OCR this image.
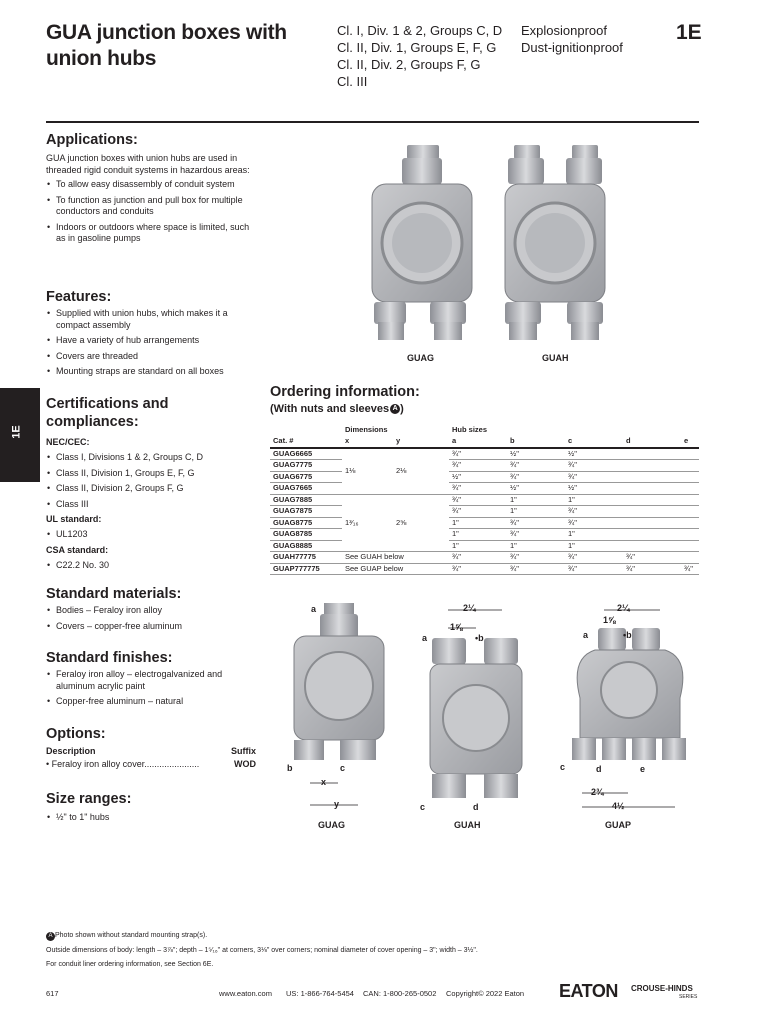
GUA junction boxes with
union hubs
Cl. I, Div. 1 & 2, Groups C, D
Cl. II, Div. 1, Groups E, F, G
Cl. II, Div. 2, Groups F, G
Cl. III
Explosionproof
Dust-ignitionproof
1E
1E
Applications:
GUA junction boxes with union hubs are used in threaded rigid conduit systems in hazardous areas:
• To allow easy disassembly of conduit system
• To function as junction and pull box for multiple conductors and conduits
• Indoors or outdoors where space is limited, such as in gasoline pumps
Features:
• Supplied with union hubs, which makes it a compact assembly
• Have a variety of hub arrangements
• Covers are threaded
• Mounting straps are standard on all boxes
Certifications and
compliances:
NEC/CEC:
• Class I, Divisions 1 & 2, Groups C, D
• Class II, Division 1, Groups E, F, G
• Class II, Division 2, Groups F, G
• Class III
UL standard:
• UL1203
CSA standard:
• C22.2 No. 30
Standard materials:
• Bodies – Feraloy iron alloy
• Covers – copper-free aluminum
Standard finishes:
• Feraloy iron alloy – electrogalvanized and aluminum acrylic paint
• Copper-free aluminum – natural
Options:
Description	Suffix
• Feraloy iron alloy cover......................	WOD
Size ranges:
• ½" to 1" hubs
GUAG	GUAH
Ordering information:
(With nuts and sleeves A )
	Dimensions		Hub sizes				
Cat. #	x	y	a	b	c	d	e
GUAG6665	1⅛	2⅛	¾"	½"	½"		
GUAG7775			¾"	¾"	¾"		
GUAG6775			½"	¾"	¾"		
GUAG7665			¾"	½"	½"		
GUAG7885	1³⁄₁₆	2⅝	¾"	1"	1"		
GUAG7875			¾"	1"	¾"		
GUAG8775			1"	¾"	¾"		
GUAG8785			1"	¾"	1"		
GUAG8885			1"	1"	1"		
GUAH77775	See GUAH below		¾"	¾"	¾"	¾"	
GUAP777775	See GUAP below		¾"	¾"	¾"	¾"	¾"
a
b	c
x
y
GUAG
2¼
1⅝
a	•b
c	d
GUAH
2¼
1⅝
a	•b
c	d	e
2¾
4½
GUAP
A Photo shown without standard mounting strap(s).
Outside dimensions of body: length – 3⅞"; depth – 1⁵⁄₁₆" at corners, 3⅛" over corners; nominal diameter of cover opening – 3"; width – 3½".
For conduit liner ordering information, see Section 6E.
617	www.eaton.com US: 1-866-764-5454 CAN: 1-800-265-0502 Copyright© 2022 Eaton EATON CROUSE-HINDS
SERIES
